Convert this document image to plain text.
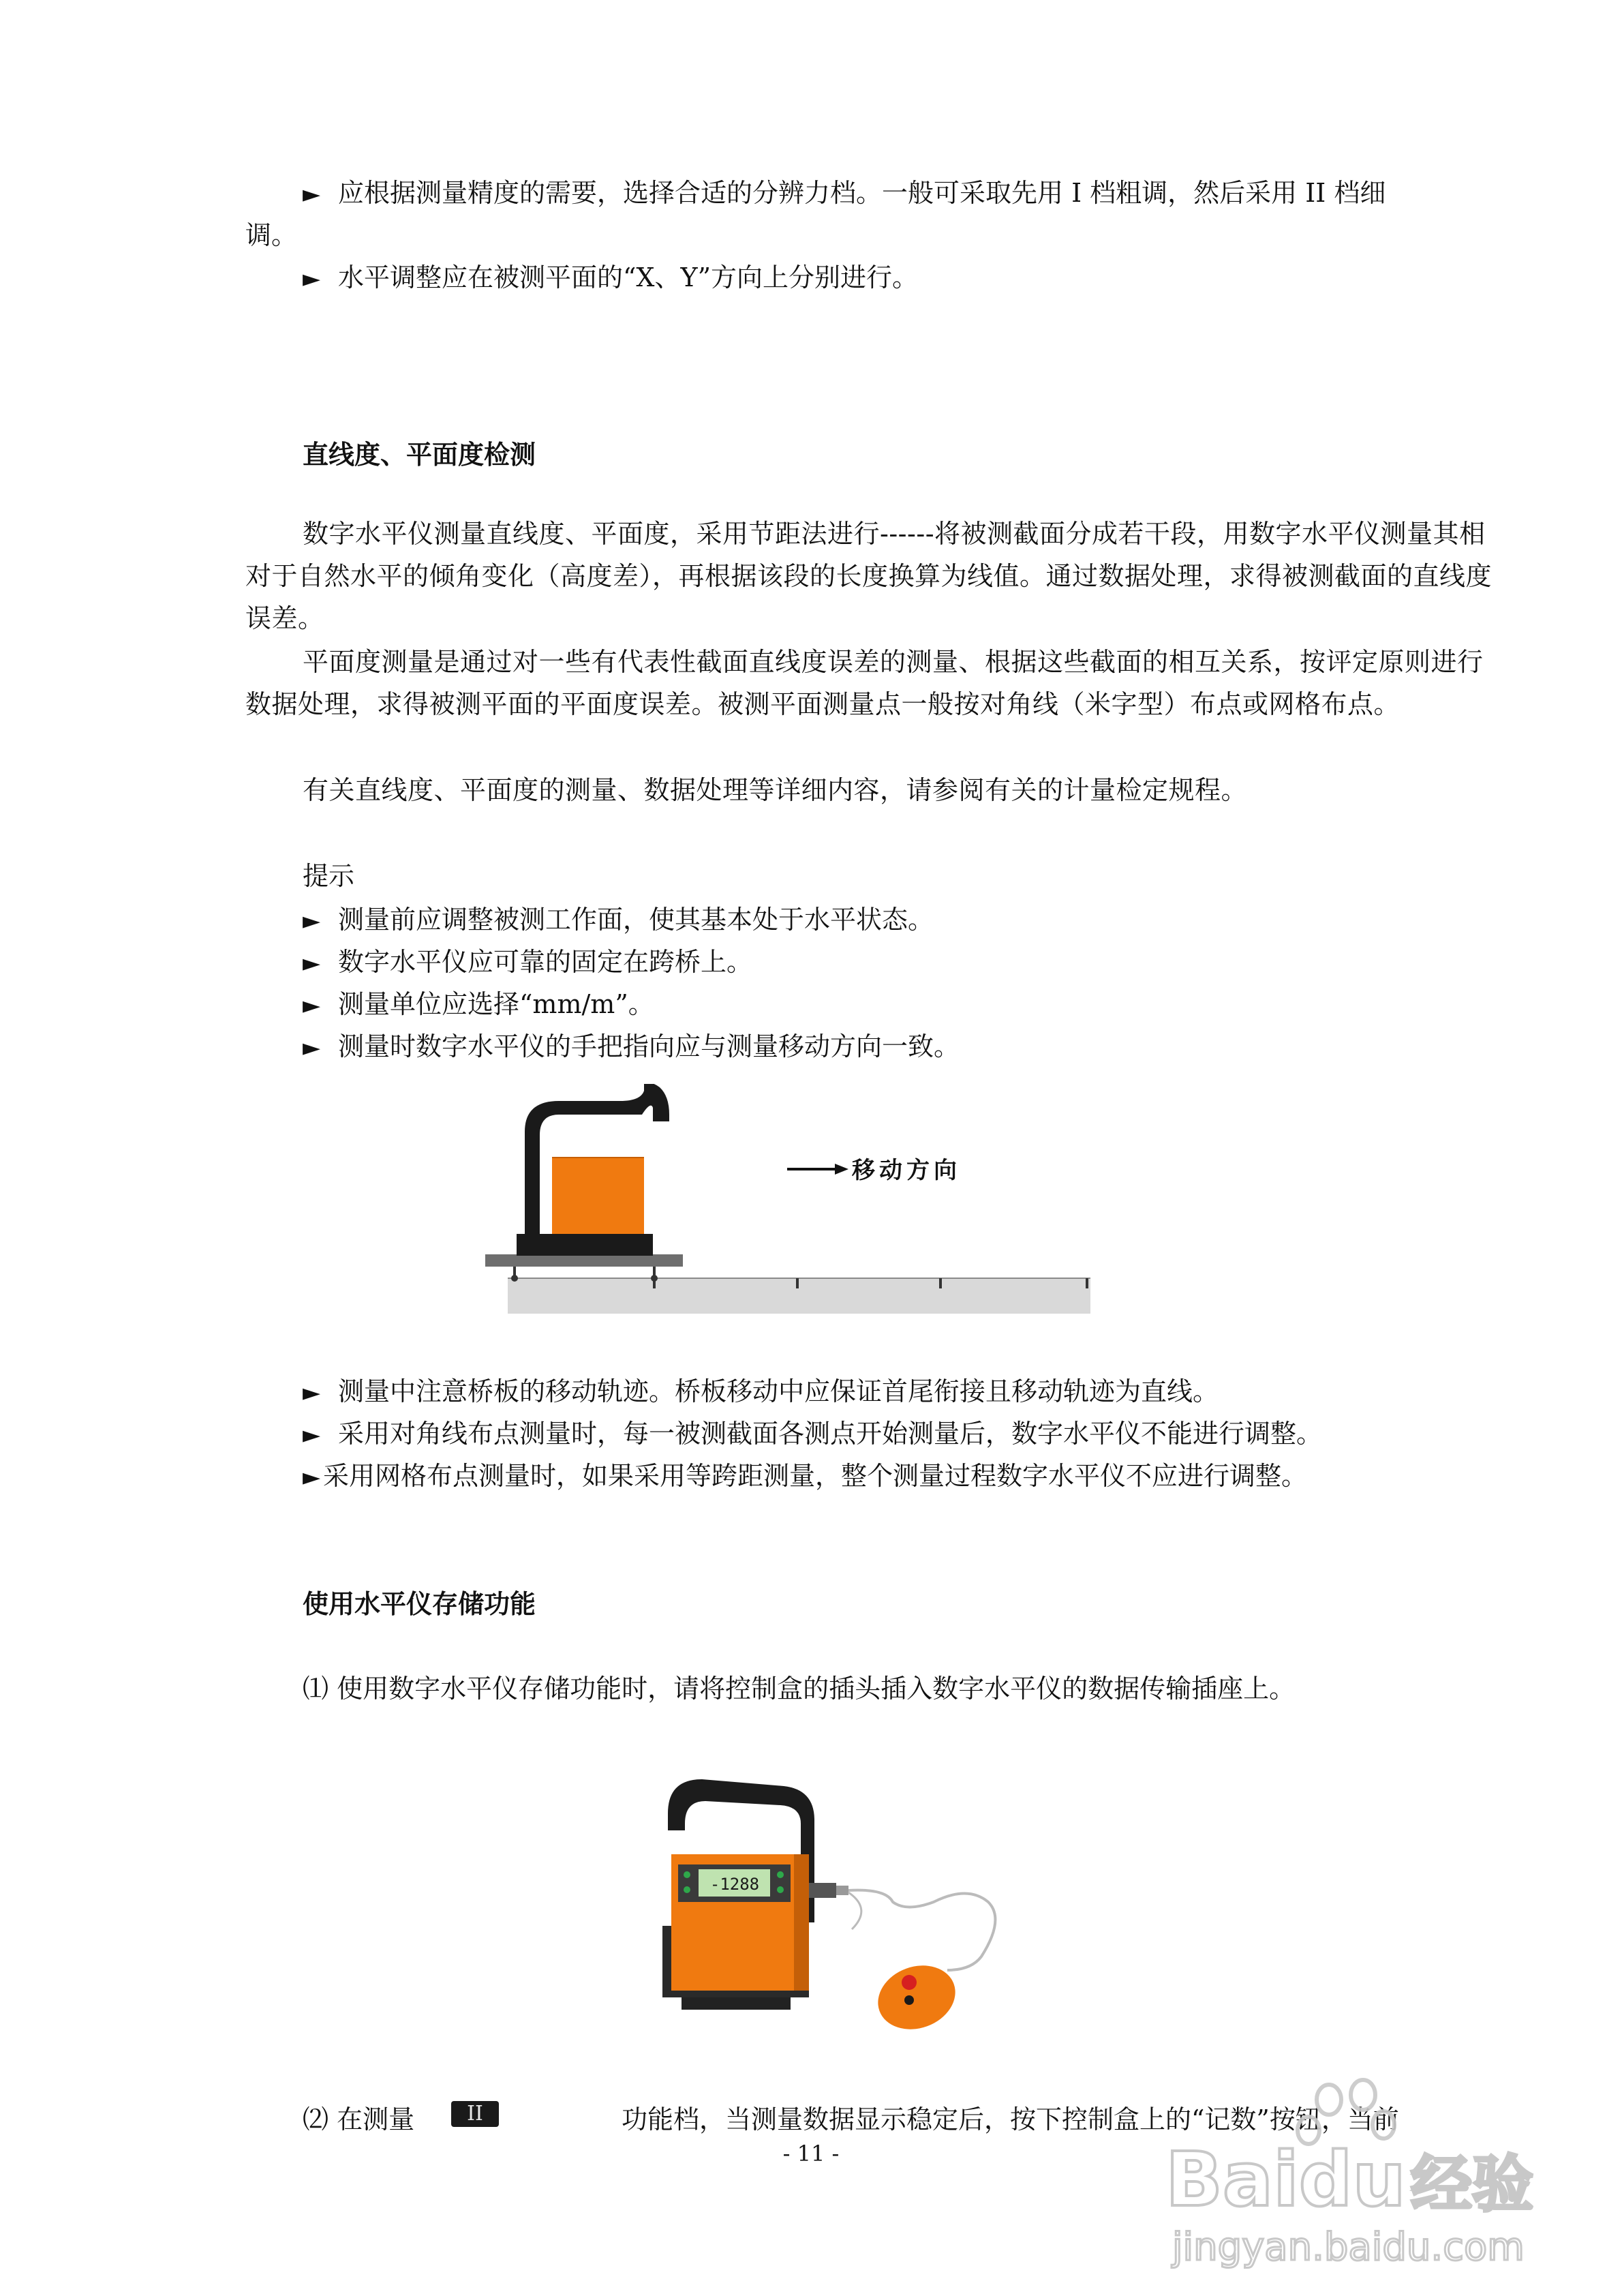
► 应根据测量精度的需要，选择合适的分辨力档。一般可采取先用 I 档粗调，然后采用 II 档细
调。
► 水平调整应在被测平面的“X、Y”方向上分别进行。
直线度、平面度检测
数字水平仪测量直线度、平面度，采用节距法进行------将被测截面分成若干段，用数字水平仪测量其相对于自然水平的倾角变化（高度差），再根据该段的长度换算为线值。通过数据处理，求得被测截面的直线度误差。
平面度测量是通过对一些有代表性截面直线度误差的测量、根据这些截面的相互关系，按评定原则进行数据处理，求得被测平面的平面度误差。被测平面测量点一般按对角线（米字型）布点或网格布点。
有关直线度、平面度的测量、数据处理等详细内容，请参阅有关的计量检定规程。
提示
► 测量前应调整被测工作面，使其基本处于水平状态。
► 数字水平仪应可靠的固定在跨桥上。
► 测量单位应选择“mm/m”。
► 测量时数字水平仪的手把指向应与测量移动方向一致。
移动方向
► 测量中注意桥板的移动轨迹。桥板移动中应保证首尾衔接且移动轨迹为直线。
► 采用对角线布点测量时，每一被测截面各测点开始测量后，数字水平仪不能进行调整。
► 采用网格布点测量时，如果采用等跨距测量，整个测量过程数字水平仪不应进行调整。
使用水平仪存储功能
⑴ 使用数字水平仪存储功能时，请将控制盒的插头插入数字水平仪的数据传输插座上。
-1288
⑵ 在测量	II	功能档，当测量数据显示稳定后，按下控制盒上的“记数”按钮，当前
- 11 -	Baidu 经验
jingyan.baidu.com
